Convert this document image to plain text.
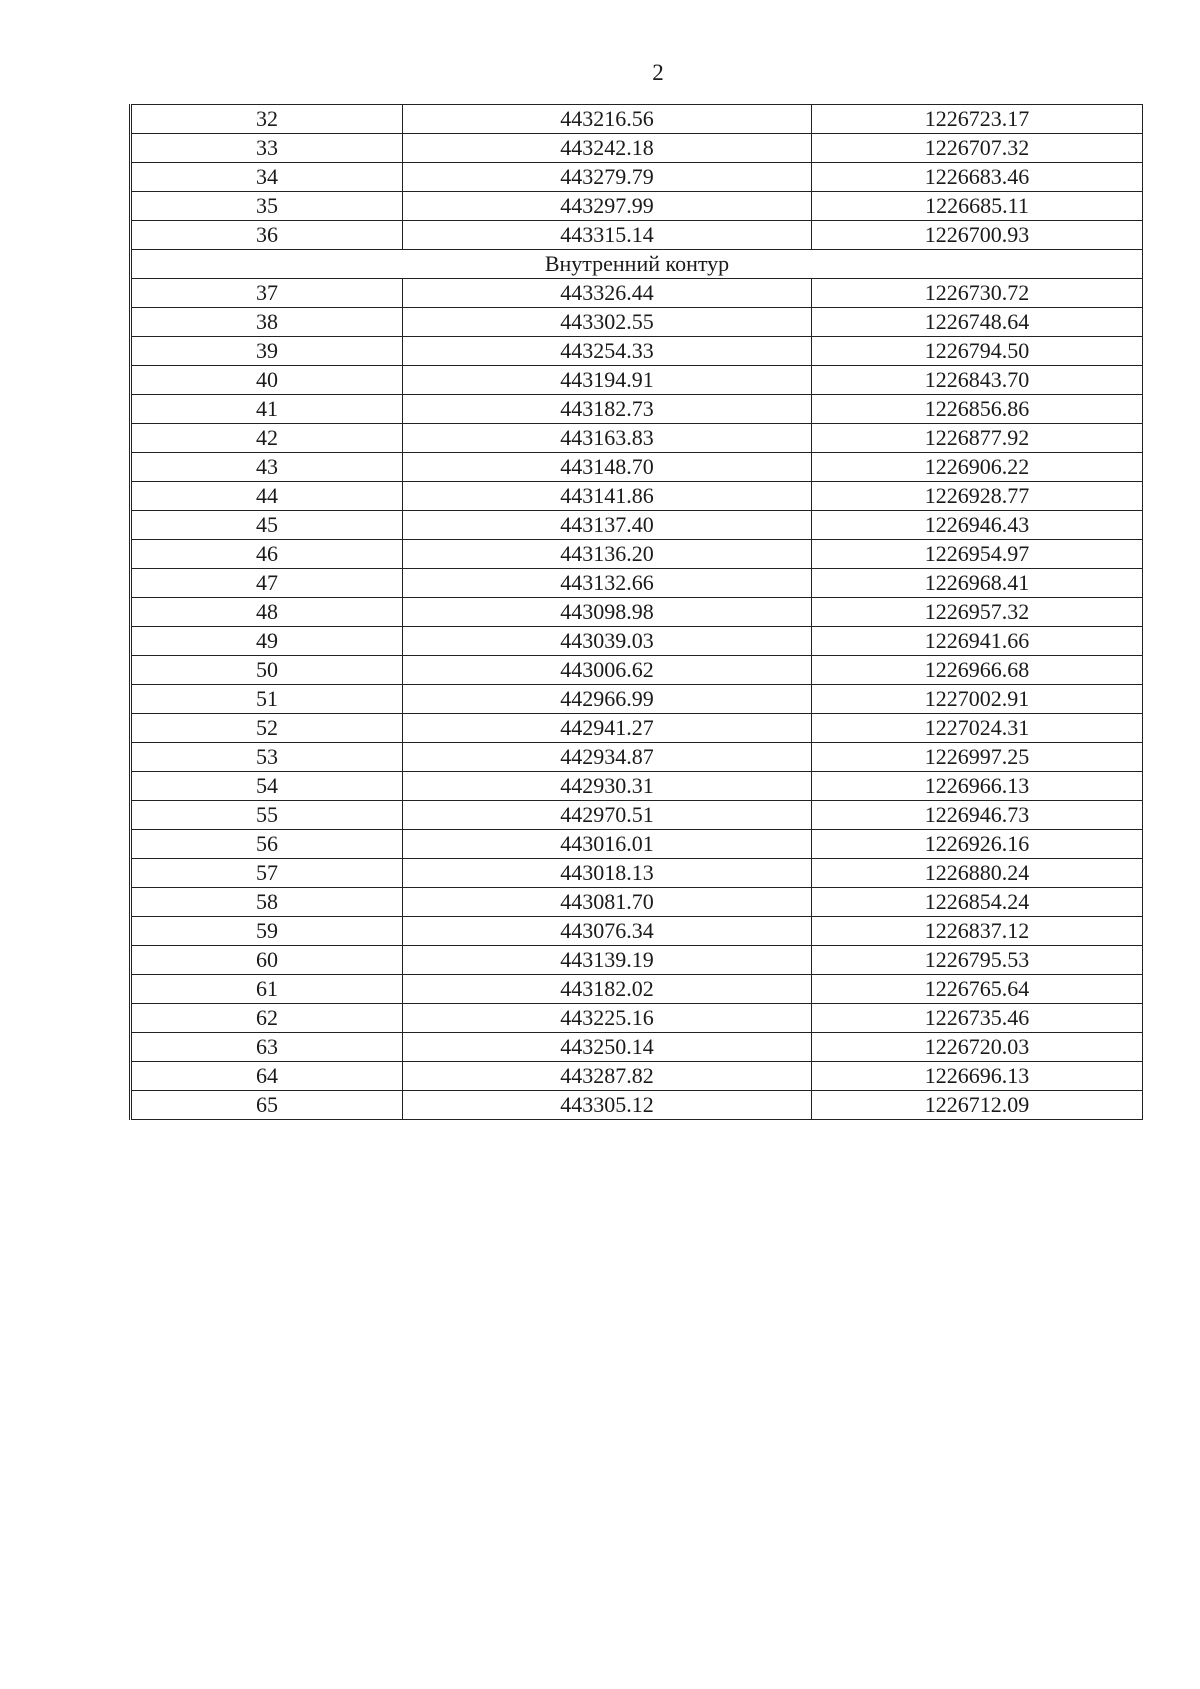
2
32	443216.56	1226723.17
33	443242.18	1226707.32
34	443279.79	1226683.46
35	443297.99	1226685.11
36	443315.14	1226700.93
Внутренний контур		
37	443326.44	1226730.72
38	443302.55	1226748.64
39	443254.33	1226794.50
40	443194.91	1226843.70
41	443182.73	1226856.86
42	443163.83	1226877.92
43	443148.70	1226906.22
44	443141.86	1226928.77
45	443137.40	1226946.43
46	443136.20	1226954.97
47	443132.66	1226968.41
48	443098.98	1226957.32
49	443039.03	1226941.66
50	443006.62	1226966.68
51	442966.99	1227002.91
52	442941.27	1227024.31
53	442934.87	1226997.25
54	442930.31	1226966.13
55	442970.51	1226946.73
56	443016.01	1226926.16
57	443018.13	1226880.24
58	443081.70	1226854.24
59	443076.34	1226837.12
60	443139.19	1226795.53
61	443182.02	1226765.64
62	443225.16	1226735.46
63	443250.14	1226720.03
64	443287.82	1226696.13
65	443305.12	1226712.09
